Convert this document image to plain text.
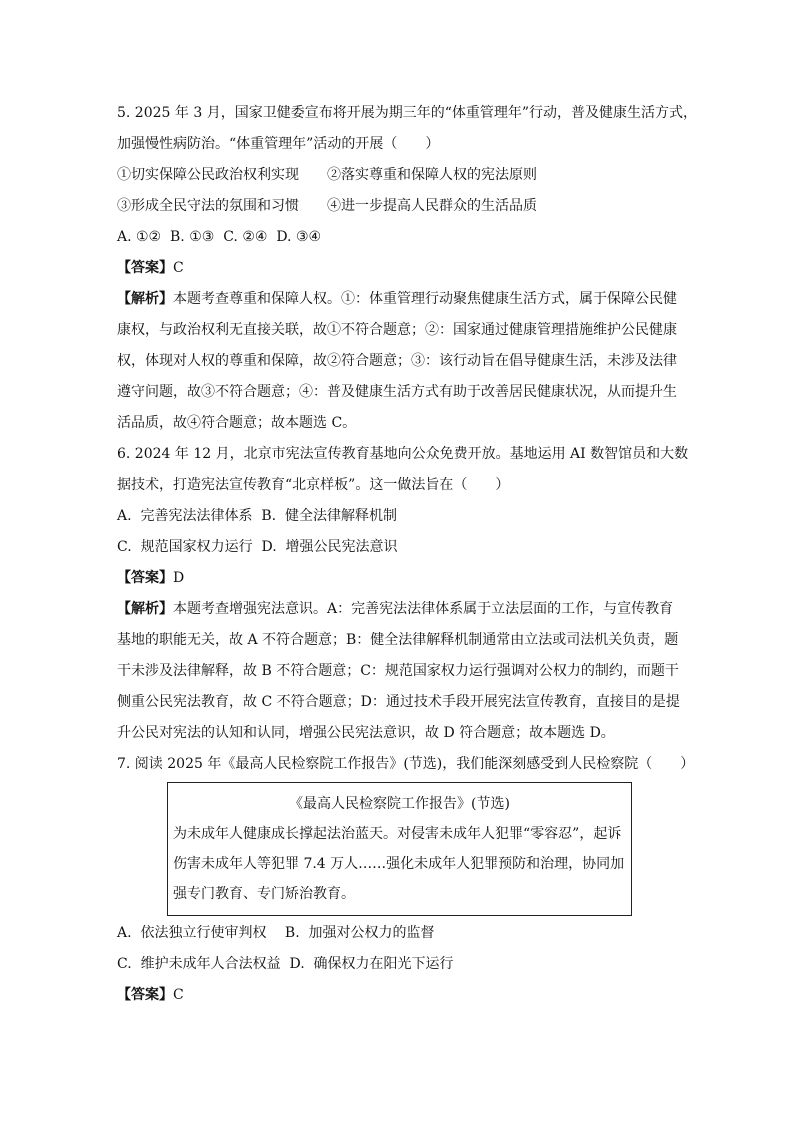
5. 2025 年 3 月，国家卫健委宣布将开展为期三年的“体重管理年”行动，普及健康生活方式，
加强慢性病防治。“体重管理年”活动的开展（　　）
①切实保障公民政治权利实现　　②落实尊重和保障人权的宪法原则
③形成全民守法的氛围和习惯　　④进一步提高人民群众的生活品质
A. ①②  B. ①③  C. ②④  D. ③④
【答案】C
【解析】本题考查尊重和保障人权。①：体重管理行动聚焦健康生活方式，属于保障公民健
康权，与政治权利无直接关联，故①不符合题意；②：国家通过健康管理措施维护公民健康
权，体现对人权的尊重和保障，故②符合题意；③：该行动旨在倡导健康生活，未涉及法律
遵守问题，故③不符合题意；④：普及健康生活方式有助于改善居民健康状况，从而提升生
活品质，故④符合题意；故本题选 C。
6. 2024 年 12 月，北京市宪法宣传教育基地向公众免费开放。基地运用 AI 数智馆员和大数
据技术，打造宪法宣传教育“北京样板”。这一做法旨在（　　）
A.  完善宪法法律体系  B.  健全法律解释机制
C.  规范国家权力运行  D.  增强公民宪法意识
【答案】D
【解析】本题考查增强宪法意识。A：完善宪法法律体系属于立法层面的工作，与宣传教育
基地的职能无关，故 A 不符合题意；B：健全法律解释机制通常由立法或司法机关负责，题
干未涉及法律解释，故 B 不符合题意；C：规范国家权力运行强调对公权力的制约，而题干
侧重公民宪法教育，故 C 不符合题意；D：通过技术手段开展宪法宣传教育，直接目的是提
升公民对宪法的认知和认同，增强公民宪法意识，故 D 符合题意；故本题选 D。
7. 阅读 2025 年《最高人民检察院工作报告》(节选)，我们能深刻感受到人民检察院（　　）
《最高人民检察院工作报告》(节选)
为未成年人健康成长撑起法治蓝天。对侵害未成年人犯罪“零容忍”，起诉
伤害未成年人等犯罪 7.4 万人……强化未成年人犯罪预防和治理，协同加
强专门教育、专门矫治教育。
A.  依法独立行使审判权　 B.  加强对公权力的监督
C.  维护未成年人合法权益  D.  确保权力在阳光下运行
【答案】C
